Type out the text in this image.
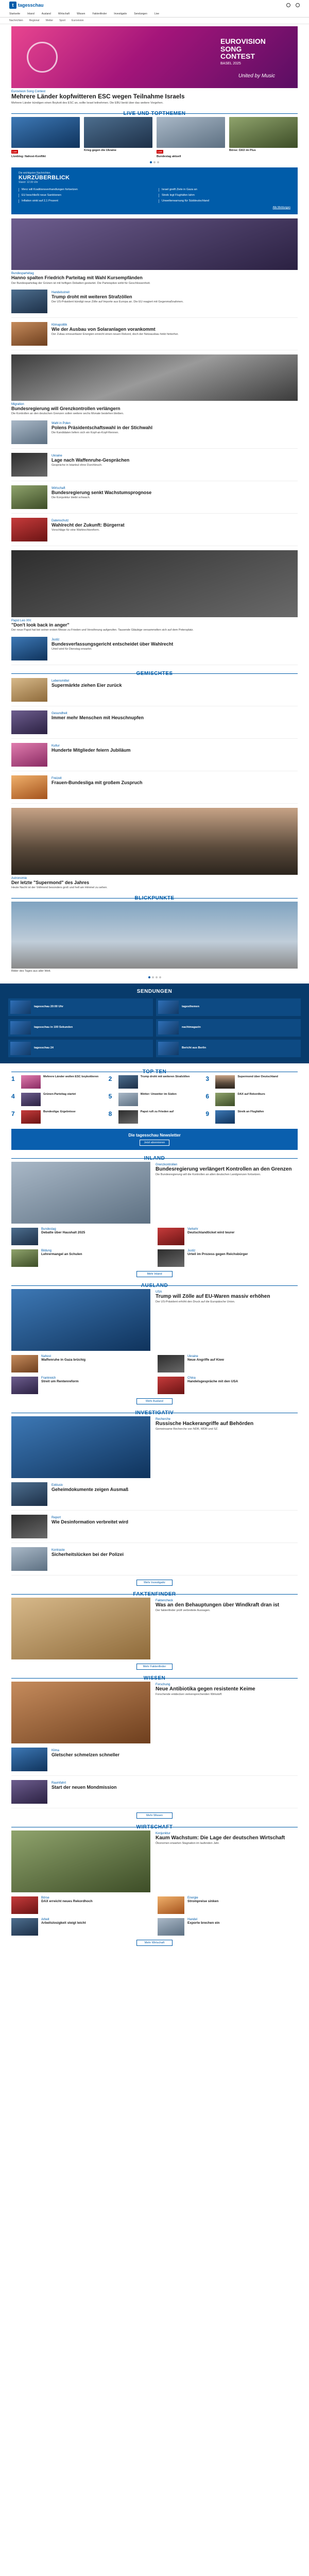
t tagesschau
Startseite	Inland	Ausland	Wirtschaft	Wissen	Faktenfinder	Investigativ	Sendungen	Live
Nachrichten Regional Wetter Sport Eurovision
EUROVISION SONG CONTEST
BASEL 2025
United by Music
Eurovision Song Contest
Mehrere Länder kopfwitteren ESC wegen Teilnahme Israels
Mehrere Länder kündigen einen Boykott des ESC an, sollte Israel teilnehmen. Die EBU berät über das weitere Vorgehen.
LIVE UND TOPTHEMEN
LIVE
Liveblog: Nahost-Konflikt
Krieg gegen die Ukraine	LIVE
Bundestag aktuell
Börse: DAX im Plus
Die wichtigsten Nachrichten
KURZÜBERBLICK
Stand: 12:30 Uhr
Merz will Koalitionsverhandlungen fortsetzen	Israel greift Ziele in Gaza an
EU beschließt neue Sanktionen	Streik legt Flughäfen lahm
Inflation sinkt auf 2,1 Prozent	Unwetterwarnung für Süddeutschland
Alle Meldungen
Bundesparteitag
Hanno spalten Friedrich Parteitag mit Wahl Kursempfänden
Der Bundesparteitag der Grünen ist mit heftigen Debatten gestartet. Die Parteispitze wirbt für Geschlossenheit.
Handelsstreit
Trump droht mit weiteren Strafzöllen
Der US-Präsident kündigt neue Zölle auf Importe aus Europa an. Die EU reagiert mit Gegenmaßnahmen.
Klimapolitik
Wie der Ausbau von Solaranlagen vorankommt
Der Zubau erneuerbarer Energien erreicht einen neuen Rekord, doch der Netzausbau hinkt hinterher.
Migration
Bundesregierung will Grenzkontrollen verlängern
Die Kontrollen an den deutschen Grenzen sollen weitere sechs Monate bestehen bleiben.
Wahl in Polen
Polens Präsidentschaftswahl in der Stichwahl
Die Kandidaten liefern sich ein Kopf-an-Kopf-Rennen.
Ukraine
Lage nach Waffenruhe-Gesprächen
Gespräche in Istanbul ohne Durchbruch.
Wirtschaft
Bundesregierung senkt Wachstumsprognose
Die Konjunktur bleibt schwach.
Datenschutz
Wahlrecht der Zukunft: Bürgerrat
Vorschläge für eine Wahlrechtsreform.
Papst Leo XIV.
"Don't look back in anger"
Der neue Papst hat bei seiner ersten Messe zu Frieden und Versöhnung aufgerufen. Tausende Gläubige versammelten sich auf dem Petersplatz.
Justiz
Bundesverfassungsgericht entscheidet über Wahlrecht
Urteil wird für Dienstag erwartet.
GEMISCHTES
Lebensmittel
Supermärkte ziehen Eier zurück
Gesundheit
Immer mehr Menschen mit Heuschnupfen
Kultur
Hunderte Mitglieder feiern Jubiläum
Freizeit
Frauen-Bundesliga mit großem Zuspruch
Astronomie
Der letzte "Supermond" des Jahres
Heute Nacht ist der Vollmond besonders groß und hell am Himmel zu sehen.
BLICKPUNKTE
Bilder des Tages aus aller Welt.
SENDUNGEN
tagesschau 20:00 Uhr	tagesthemen
tagesschau in 100 Sekunden	nachtmagazin
tagesschau 24	Bericht aus Berlin
TOP TEN
1	Mehrere Länder wollen ESC boykottieren 2	Trump droht mit weiteren Strafzöllen	3	Supermond über Deutschland
4	Grünen-Parteitag startet	5	Wetter: Unwetter im Süden	6	DAX auf Rekordkurs
7	Bundesliga: Ergebnisse	8	Papst ruft zu Frieden auf	9	Streik an Flughäfen
Die tagesschau Newsletter
Jetzt abonnieren
INLAND
Grenzkontrollen
Bundesregierung verlängert Kontrollen an den Grenzen
Die Bundesregierung will die Kontrollen an allen deutschen Landgrenzen fortsetzen.
Bundestag
Debatte über Haushalt 2025
Verkehr
Deutschlandticket wird teurer
Bildung
Lehrermangel an Schulen
Justiz
Urteil im Prozess gegen Reichsbürger
Mehr Inland
AUSLAND
USA
Trump will Zölle auf EU-Waren massiv erhöhen
Der US-Präsident erhöht den Druck auf die Europäische Union.
Nahost
Waffenruhe in Gaza brüchig
Ukraine
Neue Angriffe auf Kiew
Frankreich
Streit um Rentenreform
China
Handelsgespräche mit den USA
Mehr Ausland
INVESTIGATIV
Recherche
Russische Hackerangriffe auf Behörden
Gemeinsame Recherche von NDR, WDR und SZ.
Exklusiv
Geheimdokumente zeigen Ausmaß
Report
Wie Desinformation verbreitet wird
Kontraste
Sicherheitslücken bei der Polizei
Mehr Investigativ
FAKTENFINDER
Faktencheck
Was an den Behauptungen über Windkraft dran ist
Der faktenfinder prüft verbreitete Aussagen.
Mehr Faktenfinder
WISSEN
Forschung
Neue Antibiotika gegen resistente Keime
Forschende entdecken vielversprechenden Wirkstoff.
Klima
Gletscher schmelzen schneller
Raumfahrt
Start der neuen Mondmission
Mehr Wissen
WIRTSCHAFT
Konjunktur
Kaum Wachstum: Die Lage der deutschen Wirtschaft
Ökonomen erwarten Stagnation im laufenden Jahr.
Börse
DAX erreicht neues Rekordhoch
Energie
Strompreise sinken
Arbeit
Arbeitslosigkeit steigt leicht
Handel
Exporte brechen ein
Mehr Wirtschaft
